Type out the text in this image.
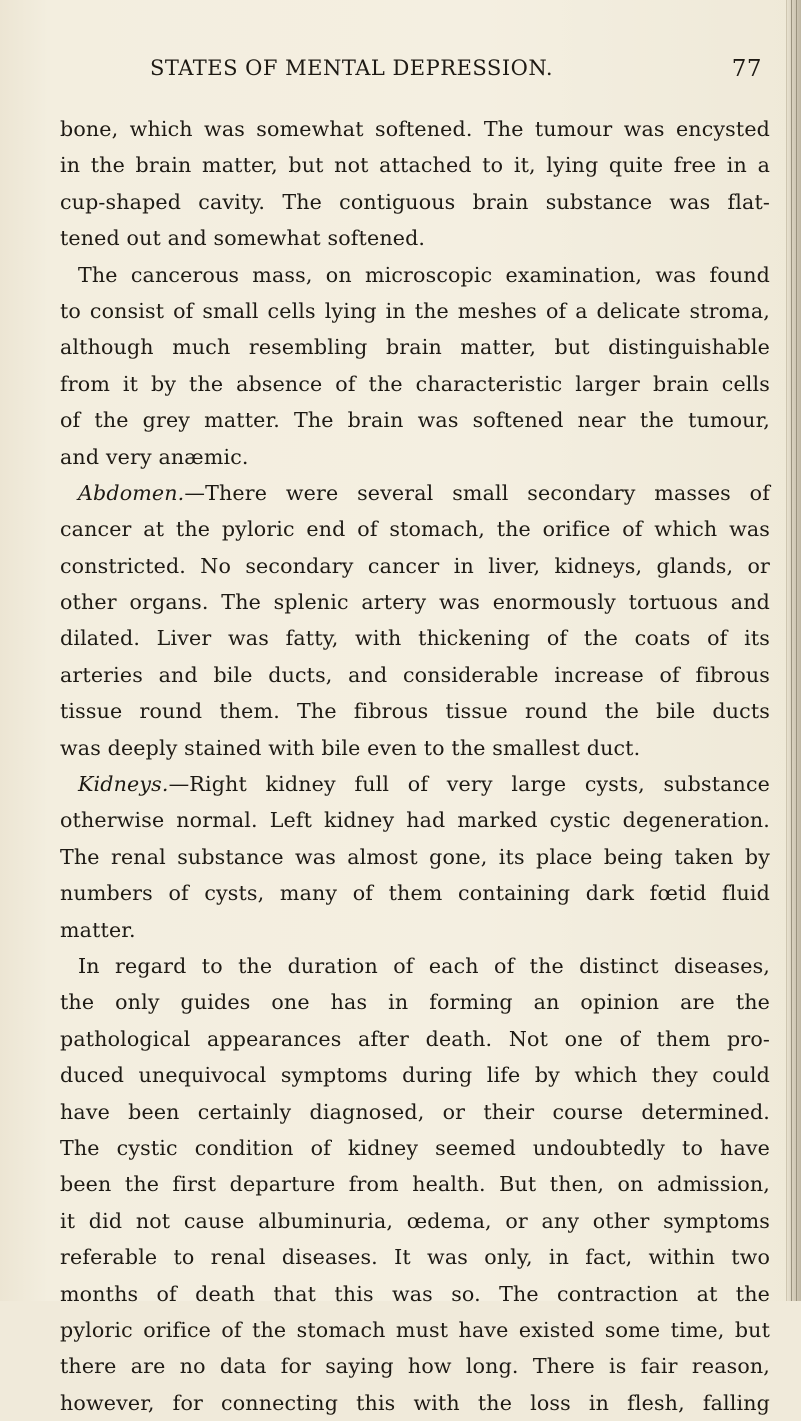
STATES OF MENTAL DEPRESSION.	77
bone, which was somewhat softened. The tumour was encysted
in the brain matter, but not attached to it, lying quite free in a
cup-shaped cavity. The contiguous brain substance was flat-
tened out and somewhat softened.
The cancerous mass, on microscopic examination, was found
to consist of small cells lying in the meshes of a delicate stroma,
although much resembling brain matter, but distinguishable
from it by the absence of the characteristic larger brain cells
of the grey matter. The brain was softened near the tumour,
and very anæmic.
Abdomen.—There were several small secondary masses of
cancer at the pyloric end of stomach, the orifice of which was
constricted. No secondary cancer in liver, kidneys, glands, or
other organs. The splenic artery was enormously tortuous and
dilated. Liver was fatty, with thickening of the coats of its
arteries and bile ducts, and considerable increase of fibrous
tissue round them. The fibrous tissue round the bile ducts
was deeply stained with bile even to the smallest duct.
Kidneys.—Right kidney full of very large cysts, substance
otherwise normal. Left kidney had marked cystic degeneration.
The renal substance was almost gone, its place being taken by
numbers of cysts, many of them containing dark fœtid fluid
matter.
In regard to the duration of each of the distinct diseases,
the only guides one has in forming an opinion are the
pathological appearances after death. Not one of them pro-
duced unequivocal symptoms during life by which they could
have been certainly diagnosed, or their course determined.
The cystic condition of kidney seemed undoubtedly to have
been the first departure from health. But then, on admission,
it did not cause albuminuria, œdema, or any other symptoms
referable to renal diseases. It was only, in fact, within two
months of death that this was so. The contraction at the
pyloric orifice of the stomach must have existed some time, but
there are no data for saying how long. There is fair reason,
however, for connecting this with the loss in flesh, falling
